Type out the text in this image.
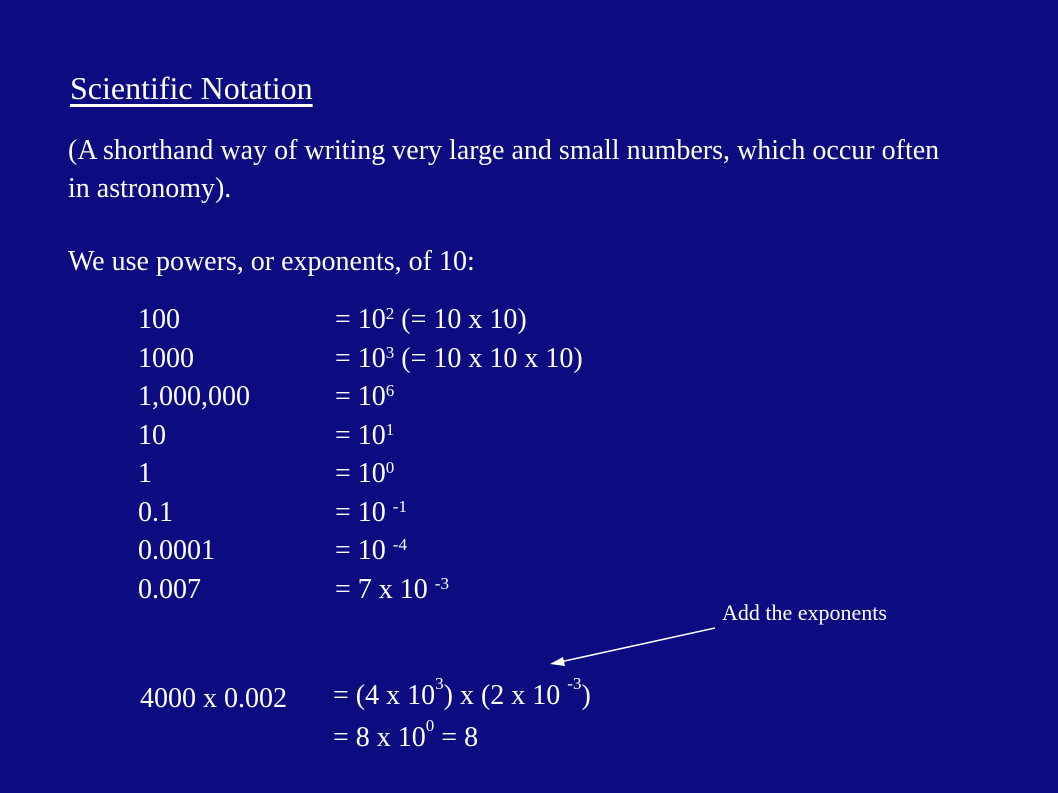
Scientific Notation
(A shorthand way of writing very large and small numbers, which occur often in astronomy).
We use powers, or exponents, of 10:
100	= $10^2$ (= 10 x 10)
1000	= $10^3$ (= 10 x 10 x 10)
1,000,000	= $10^6$
10	= $10^1$
1	= $10^0$
0.1	= 10 $^{-1}$
0.0001	= 10 $^{-4}$
0.007	= 7 x 10 $^{-3}$
Add the exponents
4000 x 0.002 = (4 x $10^3$) x (2 x 10 $^{-3}$)
= 8 x $10^0 = 8$
